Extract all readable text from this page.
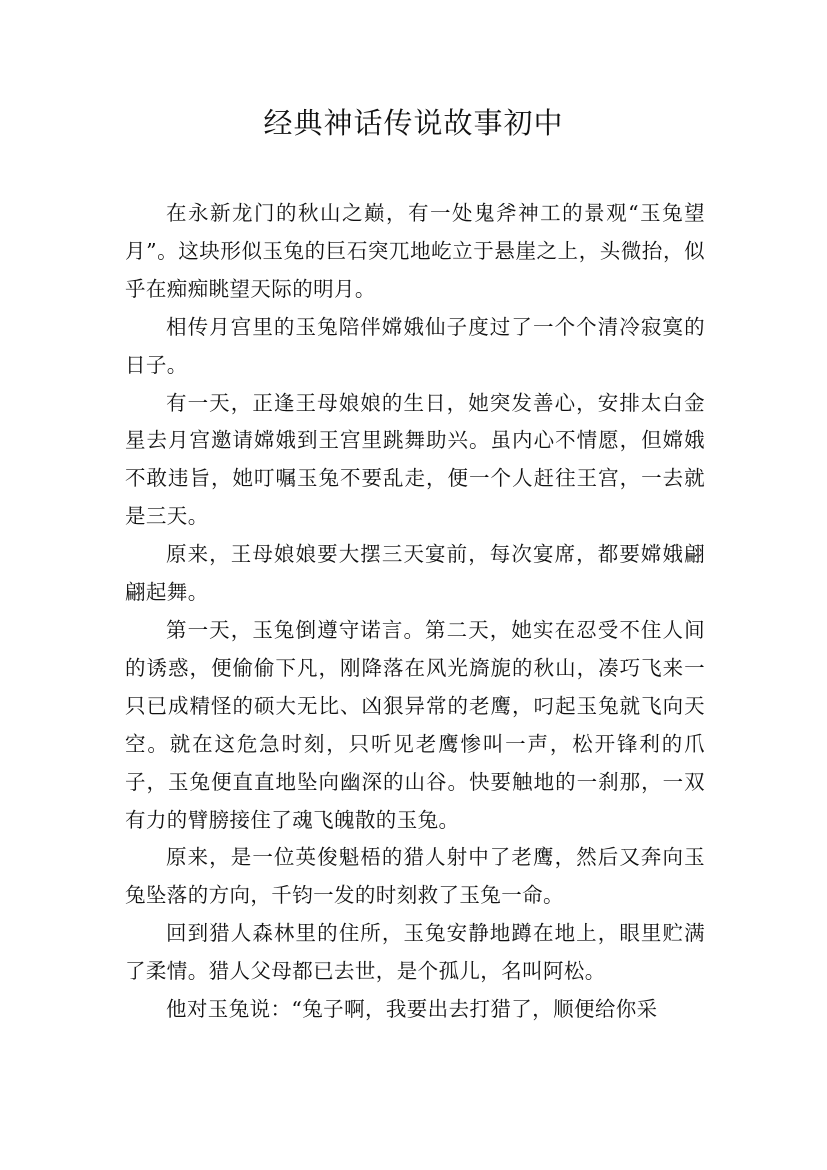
经典神话传说故事初中

在永新龙门的秋山之巅，有一处鬼斧神工的景观“玉兔望月”。这块形似玉兔的巨石突兀地屹立于悬崖之上，头微抬，似乎在痴痴眺望天际的明月。

相传月宫里的玉兔陪伴嫦娥仙子度过了一个个清冷寂寞的日子。

有一天，正逢王母娘娘的生日，她突发善心，安排太白金星去月宫邀请嫦娥到王宫里跳舞助兴。虽内心不情愿，但嫦娥不敢违旨，她叮嘱玉兔不要乱走，便一个人赶往王宫，一去就是三天。

原来，王母娘娘要大摆三天宴前，每次宴席，都要嫦娥翩翩起舞。

第一天，玉兔倒遵守诺言。第二天，她实在忍受不住人间的诱惑，便偷偷下凡，刚降落在风光旖旎的秋山，凑巧飞来一只已成精怪的硕大无比、凶狠异常的老鹰，叼起玉兔就飞向天空。就在这危急时刻，只听见老鹰惨叫一声，松开锋利的爪子，玉兔便直直地坠向幽深的山谷。快要触地的一刹那，一双有力的臂膀接住了魂飞魄散的玉兔。

原来，是一位英俊魁梧的猎人射中了老鹰，然后又奔向玉兔坠落的方向，千钧一发的时刻救了玉兔一命。

回到猎人森林里的住所，玉兔安静地蹲在地上，眼里贮满了柔情。猎人父母都已去世，是个孤儿，名叫阿松。

他对玉兔说：“兔子啊，我要出去打猎了，顺便给你采
